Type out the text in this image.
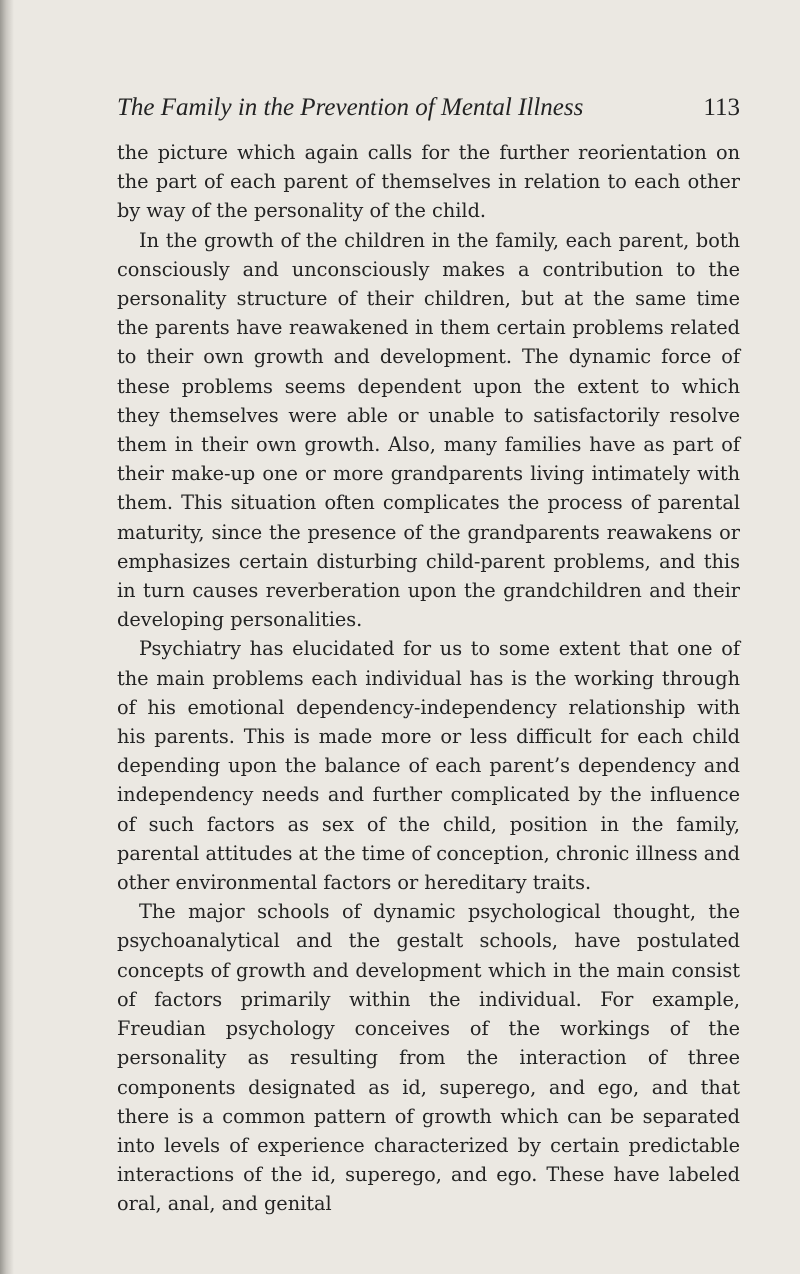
The Family in the Prevention of Mental Illness	113

the picture which again calls for the further reorientation on the part of each parent of themselves in relation to each other by way of the personality of the child.

In the growth of the children in the family, each parent, both consciously and unconsciously makes a contribution to the personality structure of their children, but at the same time the parents have reawakened in them certain problems related to their own growth and development. The dynamic force of these problems seems dependent upon the extent to which they themselves were able or unable to satisfactorily resolve them in their own growth. Also, many families have as part of their make-up one or more grandparents living intimately with them. This situation often complicates the process of parental maturity, since the presence of the grandparents reawakens or emphasizes certain disturbing child-parent problems, and this in turn causes reverberation upon the grandchildren and their developing personalities.

Psychiatry has elucidated for us to some extent that one of the main problems each individual has is the working through of his emotional dependency-independency relationship with his parents. This is made more or less difficult for each child depending upon the balance of each parent’s dependency and independency needs and further complicated by the influence of such factors as sex of the child, position in the family, parental attitudes at the time of conception, chronic illness and other environmental factors or hereditary traits.

The major schools of dynamic psychological thought, the psychoanalytical and the gestalt schools, have postulated concepts of growth and development which in the main consist of factors primarily within the individual. For example, Freudian psychology conceives of the workings of the personality as resulting from the interaction of three components designated as id, superego, and ego, and that there is a common pattern of growth which can be separated into levels of experience characterized by certain predictable interactions of the id, superego, and ego. These have labeled oral, anal, and genital
